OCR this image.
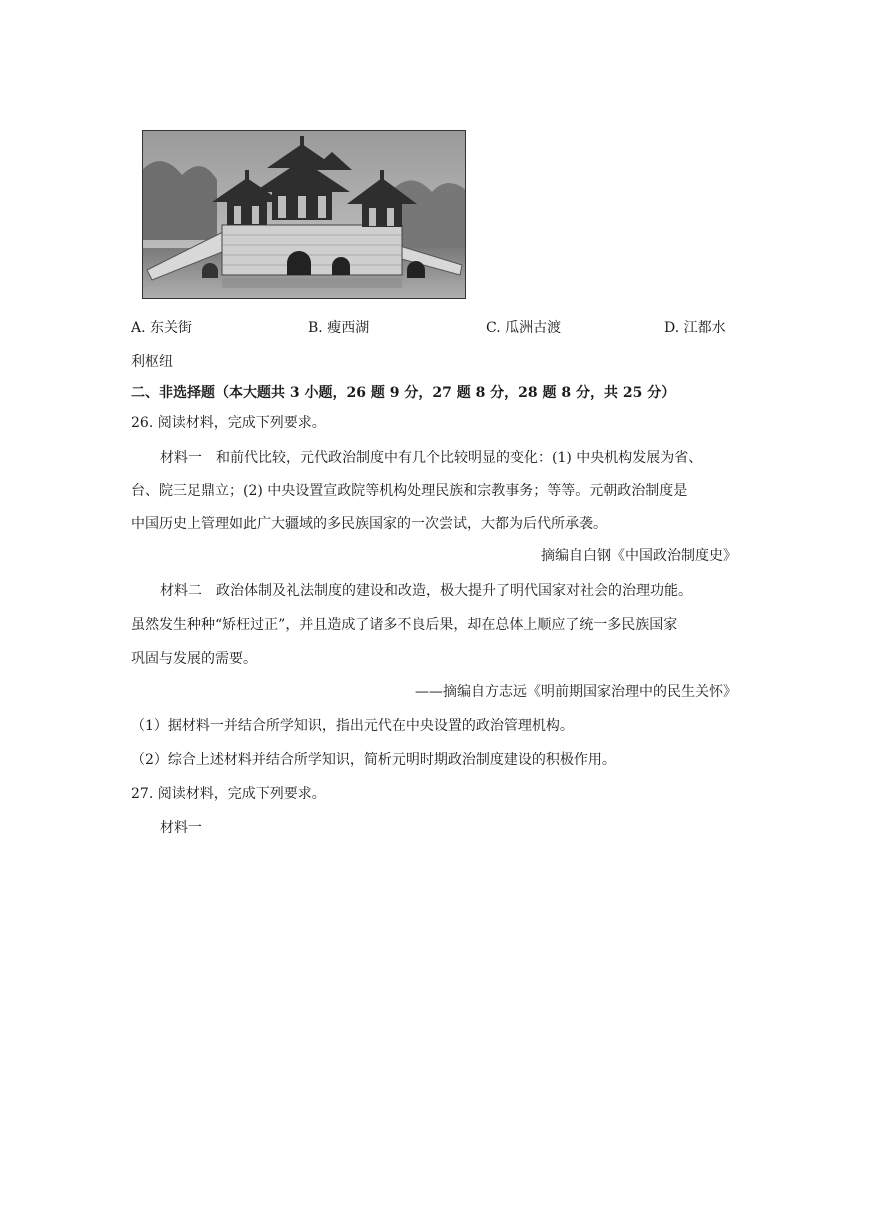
A. 东关街	B. 瘦西湖	C. 瓜洲古渡	D. 江都水
利枢纽
二、非选择题（本大题共 3 小题，26 题 9 分，27 题 8 分，28 题 8 分，共 25 分）
26. 阅读材料，完成下列要求。
材料一　和前代比较，元代政治制度中有几个比较明显的变化：(1) 中央机构发展为省、
台、院三足鼎立；(2) 中央设置宣政院等机构处理民族和宗教事务；等等。元朝政治制度是
中国历史上管理如此广大疆域的多民族国家的一次尝试，大都为后代所承袭。
摘编自白钢《中国政治制度史》
材料二　政治体制及礼法制度的建设和改造，极大提升了明代国家对社会的治理功能。
虽然发生种种“矫枉过正”，并且造成了诸多不良后果，却在总体上顺应了统一多民族国家
巩固与发展的需要。
——摘编自方志远《明前期国家治理中的民生关怀》
（1）据材料一并结合所学知识，指出元代在中央设置的政治管理机构。
（2）综合上述材料并结合所学知识，简析元明时期政治制度建设的积极作用。
27. 阅读材料，完成下列要求。
材料一
